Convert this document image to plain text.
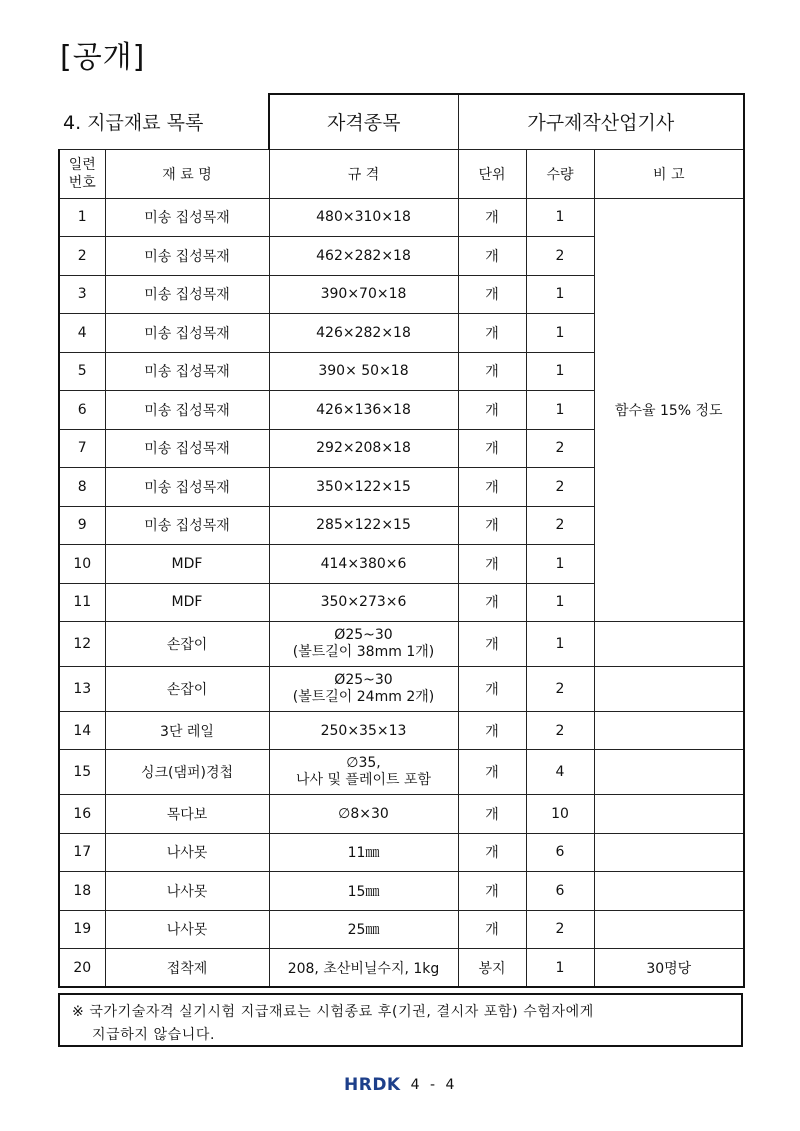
[공개]
4. 지급재료 목록		자격종목	가구제작산업기사		
일련
번호	재 료 명	규 격	단위	수량	비 고
1	미송 집성목재	480×310×18	개	1	함수율 15% 정도
2	미송 집성목재	462×282×18	개	2	
3	미송 집성목재	390×70×18	개	1	
4	미송 집성목재	426×282×18	개	1	
5	미송 집성목재	390× 50×18	개	1	
6	미송 집성목재	426×136×18	개	1	
7	미송 집성목재	292×208×18	개	2	
8	미송 집성목재	350×122×15	개	2	
9	미송 집성목재	285×122×15	개	2	
10	MDF	414×380×6	개	1	
11	MDF	350×273×6	개	1	
12	손잡이	Ø25~30
(볼트길이 38mm 1개)	개	1	
13	손잡이	Ø25~30
(볼트길이 24mm 2개)	개	2	
14	3단 레일	250×35×13	개	2	
15	싱크(댐퍼)경첩	∅35,
나사 및 플레이트 포함	개	4	
16	목다보	∅8×30	개	10	
17	나사못	11㎜	개	6	
18	나사못	15㎜	개	6	
19	나사못	25㎜	개	2	
20	접착제	208, 초산비닐수지, 1kg	봉지	1	30명당
※ 국가기술자격 실기시험 지급재료는 시험종료 후(기권, 결시자 포함) 수험자에게
지급하지 않습니다.
HRDK 4 - 4
